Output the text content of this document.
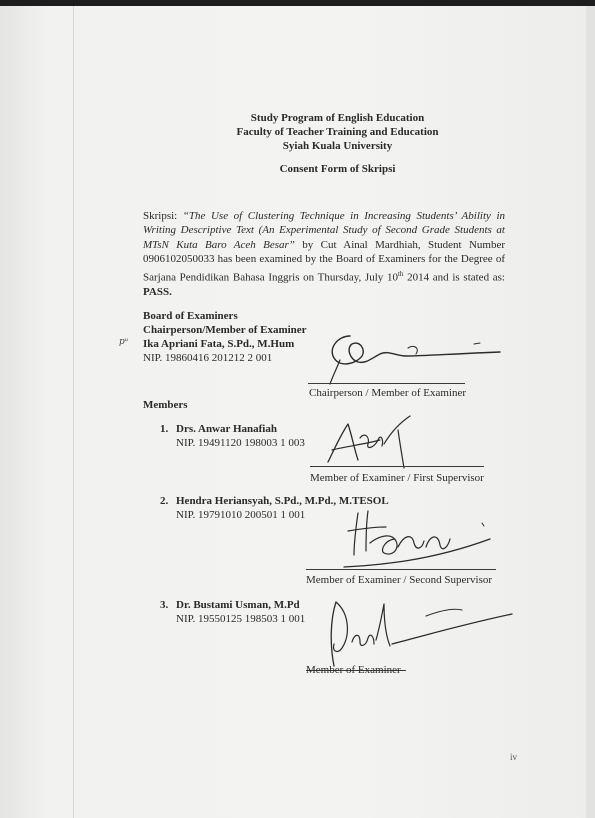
Study Program of English Education
Faculty of Teacher Training and Education
Syiah Kuala University
Consent Form of Skripsi
Skripsi: “The Use of Clustering Technique in Increasing Students’ Ability in Writing Descriptive Text (An Experimental Study of Second Grade Students at MTsN Kuta Baro Aceh Besar” by Cut Ainal Mardhiah, Student Number 0906102050033 has been examined by the Board of Examiners for the Degree of Sarjana Pendidikan Bahasa Inggris on Thursday, July 10th 2014 and is stated as: PASS.
Board of Examiners
Chairperson/Member of Examiner
pᵘ Ika Apriani Fata, S.Pd., M.Hum
NIP. 19860416 201212 2 001
Chairperson / Member of Examiner
Members
1. Drs. Anwar Hanafiah
NIP. 19491120 198003 1 003
Member of Examiner / First Supervisor
2. Hendra Heriansyah, S.Pd., M.Pd., M.TESOL
NIP. 19791010 200501 1 001
Member of Examiner / Second Supervisor
3. Dr. Bustami Usman, M.Pd
NIP. 19550125 198503 1 001
Member of Examiner
iv
